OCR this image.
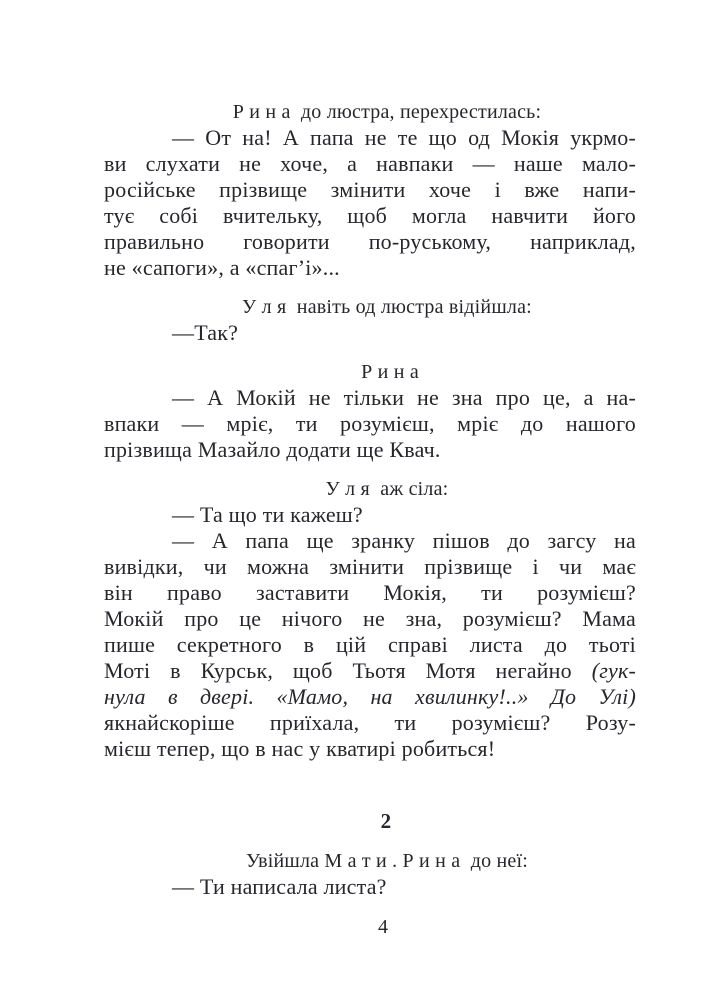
Р и н а  до люстра, перехрестилась:
— От на! А папа не те що од Мокія укрмо-
ви слухати не хоче, а навпаки — наше мало-
російське прізвище змінити хоче і вже напи-
тує собі вчительку, щоб могла навчити його
правильно говорити по-руському, наприклад,
не «сапоги», а «спаг’і»...
У л я  навіть од люстра відійшла:
—Так?
Р и н а
— А Мокій не тільки не зна про це, а на-
впаки — мріє, ти розумієш, мріє до нашого
прізвища Мазайло додати ще Квач.
У л я  аж сіла:
— Та що ти кажеш?
— А папа ще зранку пішов до загсу на
вивідки, чи можна змінити прізвище і чи має
він право заставити Мокія, ти розумієш?
Мокій про це нічого не зна, розумієш? Мама
пише секретного в цій справі листа до тьоті
Моті в Курськ, щоб Тьотя Мотя негайно (гук-
нула в двері. «Мамо, на хвилинку!..» До Улі)
якнайскоріше приїхала, ти розумієш? Розу-
мієш тепер, що в нас у кватирі робиться!
2
Увійшла М а т и . Р и н а  до неї:
— Ти написала листа?
4
